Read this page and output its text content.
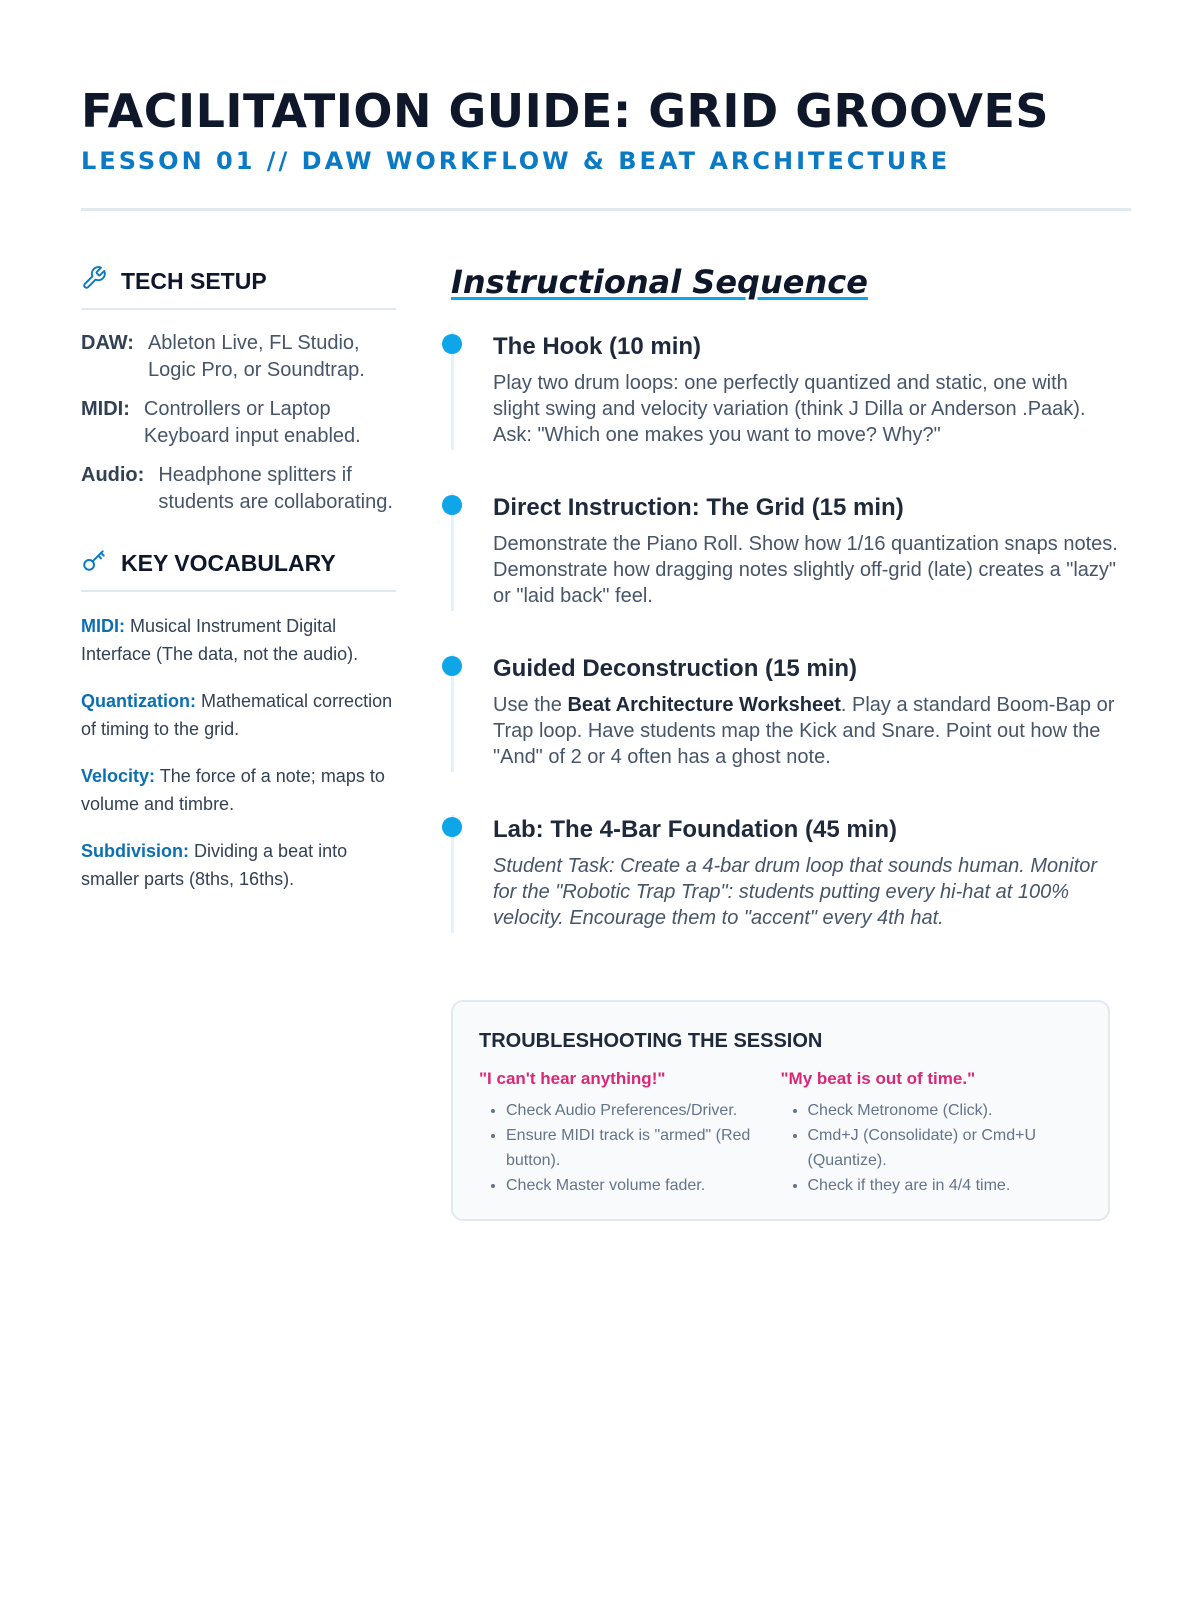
FACILITATION GUIDE: GRID GROOVES
LESSON 01 // DAW WORKFLOW & BEAT ARCHITECTURE
TECH SETUP
DAW: Ableton Live, FL Studio, Logic Pro, or Soundtrap.
MIDI: Controllers or Laptop Keyboard input enabled.
Audio: Headphone splitters if students are collaborating.
KEY VOCABULARY
MIDI: Musical Instrument Digital Interface (The data, not the audio).
Quantization: Mathematical correction of timing to the grid.
Velocity: The force of a note; maps to volume and timbre.
Subdivision: Dividing a beat into smaller parts (8ths, 16ths).
Instructional Sequence
The Hook (10 min)
Play two drum loops: one perfectly quantized and static, one with slight swing and velocity variation (think J Dilla or Anderson .Paak). Ask: "Which one makes you want to move? Why?"
Direct Instruction: The Grid (15 min)
Demonstrate the Piano Roll. Show how 1/16 quantization snaps notes. Demonstrate how dragging notes slightly off-grid (late) creates a "lazy" or "laid back" feel.
Guided Deconstruction (15 min)
Use the Beat Architecture Worksheet. Play a standard Boom-Bap or Trap loop. Have students map the Kick and Snare. Point out how the "And" of 2 or 4 often has a ghost note.
Lab: The 4-Bar Foundation (45 min)
Student Task: Create a 4-bar drum loop that sounds human. Monitor for the "Robotic Trap Trap": students putting every hi-hat at 100% velocity. Encourage them to "accent" every 4th hat.
TROUBLESHOOTING THE SESSION
"I can't hear anything!"
• Check Audio Preferences/Driver.
• Ensure MIDI track is "armed" (Red button).
• Check Master volume fader.
"My beat is out of time."
• Check Metronome (Click).
• Cmd+J (Consolidate) or Cmd+U (Quantize).
• Check if they are in 4/4 time.
